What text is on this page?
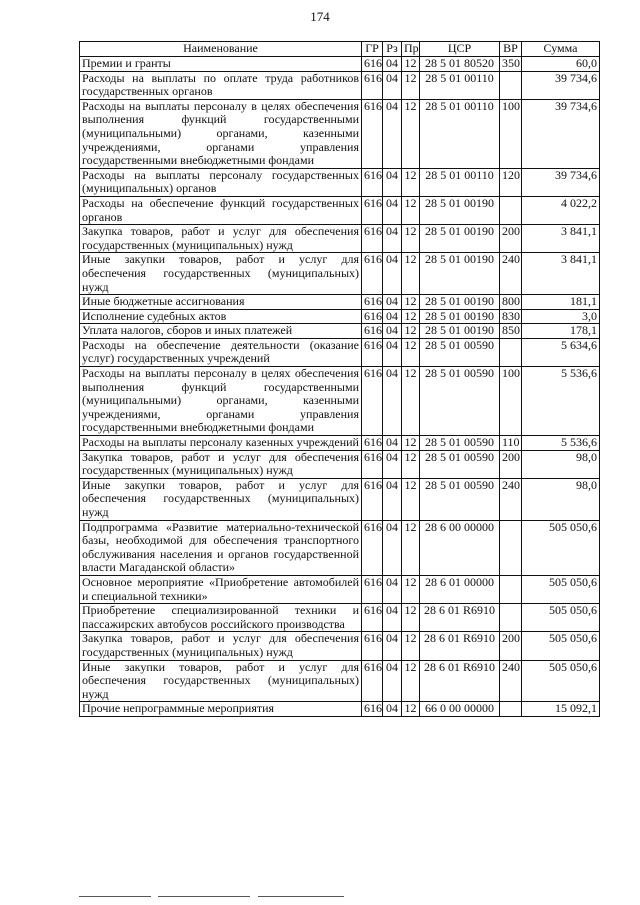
174
Наименование	ГР	Рз	Пр	ЦСР	ВР	Сумма
Премии и гранты	616	04	12	28 5 01 80520	350	60,0
Расходы на выплаты по оплате труда работников государственных органов	616	04	12	28 5 01 00110		39 734,6
Расходы на выплаты персоналу в целях обеспечения выполнения функций государственными (муниципальными) органами, казенными учреждениями, органами управления государственными внебюджетными фондами	616	04	12	28 5 01 00110	100	39 734,6
Расходы на выплаты персоналу государственных (муниципальных) органов	616	04	12	28 5 01 00110	120	39 734,6
Расходы на обеспечение функций государственных органов	616	04	12	28 5 01 00190		4 022,2
Закупка товаров, работ и услуг для обеспечения государственных (муниципальных) нужд	616	04	12	28 5 01 00190	200	3 841,1
Иные закупки товаров, работ и услуг для обеспечения государственных (муниципальных) нужд	616	04	12	28 5 01 00190	240	3 841,1
Иные бюджетные ассигнования	616	04	12	28 5 01 00190	800	181,1
Исполнение судебных актов	616	04	12	28 5 01 00190	830	3,0
Уплата налогов, сборов и иных платежей	616	04	12	28 5 01 00190	850	178,1
Расходы на обеспечение деятельности (оказание услуг) государственных учреждений	616	04	12	28 5 01 00590		5 634,6
Расходы на выплаты персоналу в целях обеспечения выполнения функций государственными (муниципальными) органами, казенными учреждениями, органами управления государственными внебюджетными фондами	616	04	12	28 5 01 00590	100	5 536,6
Расходы на выплаты персоналу казенных учреждений	616	04	12	28 5 01 00590	110	5 536,6
Закупка товаров, работ и услуг для обеспечения государственных (муниципальных) нужд	616	04	12	28 5 01 00590	200	98,0
Иные закупки товаров, работ и услуг для обеспечения государственных (муниципальных) нужд	616	04	12	28 5 01 00590	240	98,0
Подпрограмма «Развитие материально-технической базы, необходимой для обеспечения транспортного обслуживания населения и органов государственной власти Магаданской области»	616	04	12	28 6 00 00000		505 050,6
Основное мероприятие «Приобретение автомобилей и специальной техники»	616	04	12	28 6 01 00000		505 050,6
Приобретение специализированной техники и пассажирских автобусов российского производства	616	04	12	28 6 01 R6910		505 050,6
Закупка товаров, работ и услуг для обеспечения государственных (муниципальных) нужд	616	04	12	28 6 01 R6910	200	505 050,6
Иные закупки товаров, работ и услуг для обеспечения государственных (муниципальных) нужд	616	04	12	28 6 01 R6910	240	505 050,6
Прочие непрограммные мероприятия	616	04	12	66 0 00 00000		15 092,1
